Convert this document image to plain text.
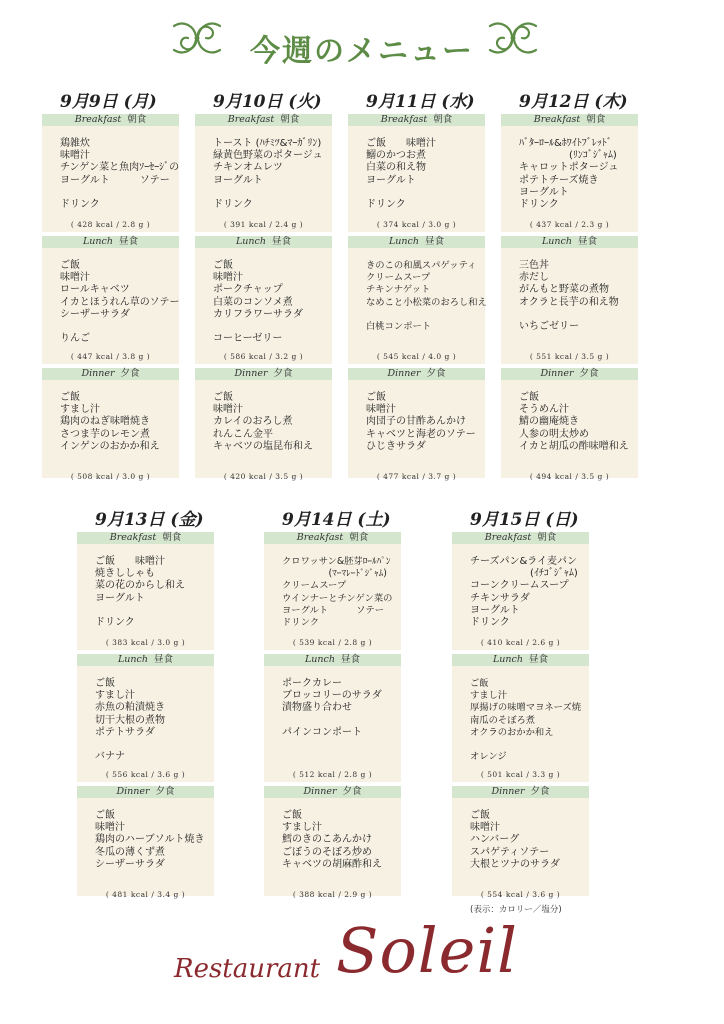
今週のメニュー
9月9日 (月)
Breakfast 朝食
鶏雑炊
味噌汁
チンゲン菜と魚肉ｿｰｾｰｼﾞの
ヨーグルト　　　ソテー

ドリンク
( 428 kcal / 2.8 g )
Lunch 昼食
ご飯
味噌汁
ロールキャベツ
イカとほうれん草のソテー
シーザーサラダ

りんご
( 447 kcal / 3.8 g )
Dinner 夕食
ご飯
すまし汁
鶏肉のねぎ味噌焼き
さつま芋のレモン煮
インゲンのおかか和え
( 508 kcal / 3.0 g )
9月10日 (火)
Breakfast 朝食
トースト (ﾊﾁﾐﾂ&ﾏｰｶﾞﾘﾝ)
緑黄色野菜のポタージュ
チキンオムレツ
ヨーグルト

ドリンク
( 391 kcal / 2.4 g )
Lunch 昼食
ご飯
味噌汁
ポークチャップ
白菜のコンソメ煮
カリフラワーサラダ

コーヒーゼリー
( 586 kcal / 3.2 g )
Dinner 夕食
ご飯
味噌汁
カレイのおろし煮
れんこん金平
キャベツの塩昆布和え
( 420 kcal / 3.5 g )
9月11日 (水)
Breakfast 朝食
ご飯　　味噌汁
鰯のかつお煮
白菜の和え物
ヨーグルト

ドリンク
( 374 kcal / 3.0 g )
Lunch 昼食
きのこの和風スパゲッティ
クリームスープ
チキンナゲット
なめこと小松菜のおろし和え

白桃コンポート
( 545 kcal / 4.0 g )
Dinner 夕食
ご飯
味噌汁
肉団子の甘酢あんかけ
キャベツと海老のソテー
ひじきサラダ
( 477 kcal / 3.7 g )
9月12日 (木)
Breakfast 朝食
ﾊﾞﾀｰﾛｰﾙ&ﾎﾜｲﾄﾌﾞﾚｯﾄﾞ
　　　　　(ﾘﾝｺﾞｼﾞｬﾑ)
キャロットポタージュ
ポテトチーズ焼き
ヨーグルト
ドリンク
( 437 kcal / 2.3 g )
Lunch 昼食
三色丼
赤だし
がんもと野菜の煮物
オクラと長芋の和え物

いちごゼリー
( 551 kcal / 3.5 g )
Dinner 夕食
ご飯
そうめん汁
鯖の幽庵焼き
人参の明太炒め
イカと胡瓜の酢味噌和え
( 494 kcal / 3.5 g )
9月13日 (金)
Breakfast 朝食
ご飯　　味噌汁
焼きししゃも
菜の花のからし和え
ヨーグルト

ドリンク
( 383 kcal / 3.0 g )
Lunch 昼食
ご飯
すまし汁
赤魚の粕漬焼き
切干大根の煮物
ポテトサラダ

バナナ
( 556 kcal / 3.6 g )
Dinner 夕食
ご飯
味噌汁
鶏肉のハーブソルト焼き
冬瓜の薄くず煮
シーザーサラダ
( 481 kcal / 3.4 g )
9月14日 (土)
Breakfast 朝食
クロワッサン&胚芽ﾛｰﾙﾊﾟﾝ
　　　　　(ﾏｰﾏﾚｰﾄﾞｼﾞｬﾑ)
クリームスープ
ウインナーとチンゲン菜の
ヨーグルト　　　ソテー
ドリンク
( 539 kcal / 2.8 g )
Lunch 昼食
ポークカレー
ブロッコリーのサラダ
漬物盛り合わせ

パインコンポート
( 512 kcal / 2.8 g )
Dinner 夕食
ご飯
すまし汁
鱈のきのこあんかけ
ごぼうのそぼろ炒め
キャベツの胡麻酢和え
( 388 kcal / 2.9 g )
9月15日 (日)
Breakfast 朝食
チーズパン&ライ麦パン
　　　　　　(ｲﾁｺﾞｼﾞｬﾑ)
コーンクリームスープ
チキンサラダ
ヨーグルト
ドリンク
( 410 kcal / 2.6 g )
Lunch 昼食
ご飯
すまし汁
厚揚げの味噌マヨネーズ焼
南瓜のそぼろ煮
オクラのおかか和え

オレンジ
( 501 kcal / 3.3 g )
Dinner 夕食
ご飯
味噌汁
ハンバーグ
スパゲティソテー
大根とツナのサラダ
( 554 kcal / 3.6 g )
(表示：カロリー／塩分)
Restaurant Soleil
